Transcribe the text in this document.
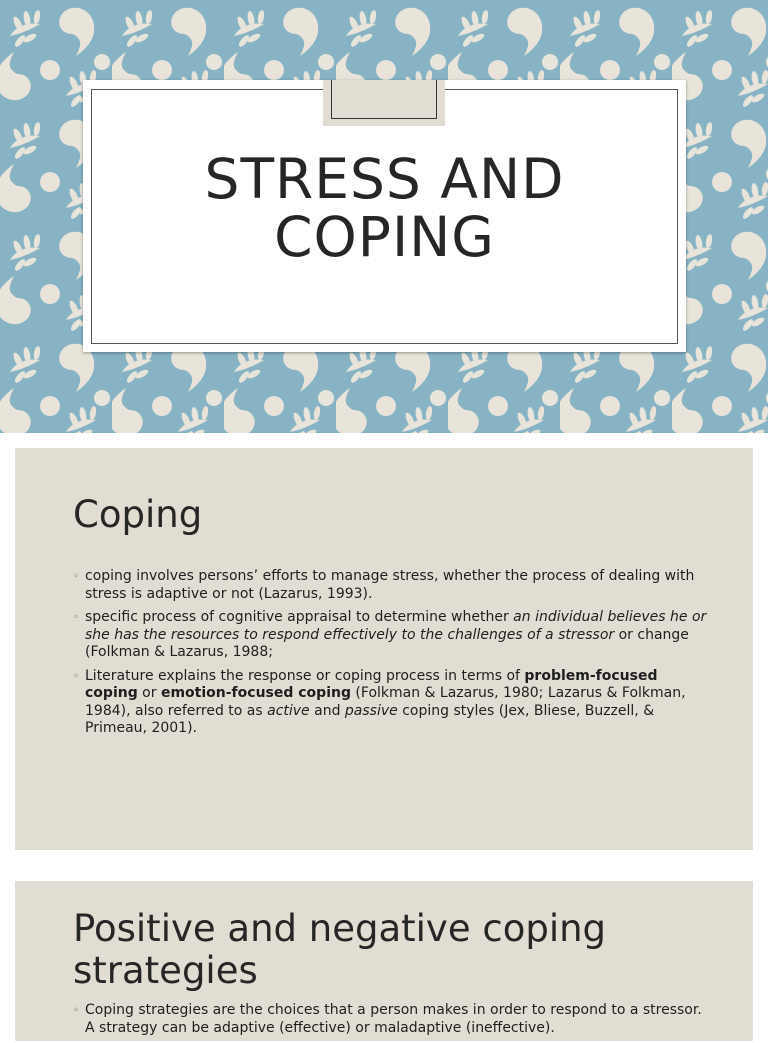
STRESS AND
COPING
Coping
◦ coping involves persons’ efforts to manage stress, whether the process of dealing with stress is adaptive or not (Lazarus, 1993).
◦ specific process of cognitive appraisal to determine whether an individual believes he or she has the resources to respond effectively to the challenges of a stressor or change (Folkman & Lazarus, 1988;
◦ Literature explains the response or coping process in terms of problem-focused coping or emotion-focused coping (Folkman & Lazarus, 1980; Lazarus & Folkman, 1984), also referred to as active and passive coping styles (Jex, Bliese, Buzzell, & Primeau, 2001).
Positive and negative coping strategies
◦ Coping strategies are the choices that a person makes in order to respond to a stressor. A strategy can be adaptive (effective) or maladaptive (ineffective).
